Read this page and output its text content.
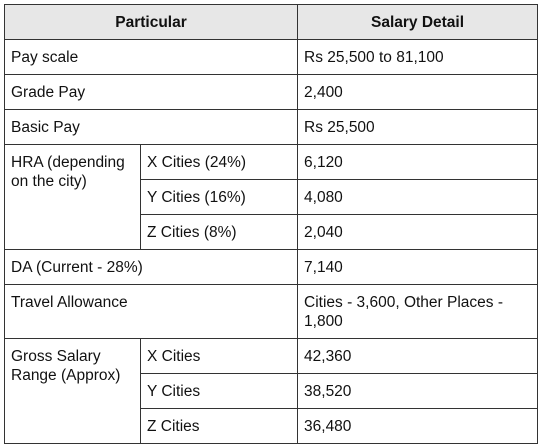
Particular		Salary Detail
Pay scale		Rs 25,500 to 81,100
Grade Pay		2,400
Basic Pay		Rs 25,500
HRA (depending on the city)	X Cities (24%)	6,120
	Y Cities (16%)	4,080
	Z Cities (8%)	2,040
DA (Current - 28%)		7,140
Travel Allowance		Cities - 3,600, Other Places - 1,800
Gross Salary Range (Approx)	X Cities	42,360
	Y Cities	38,520
	Z Cities	36,480
